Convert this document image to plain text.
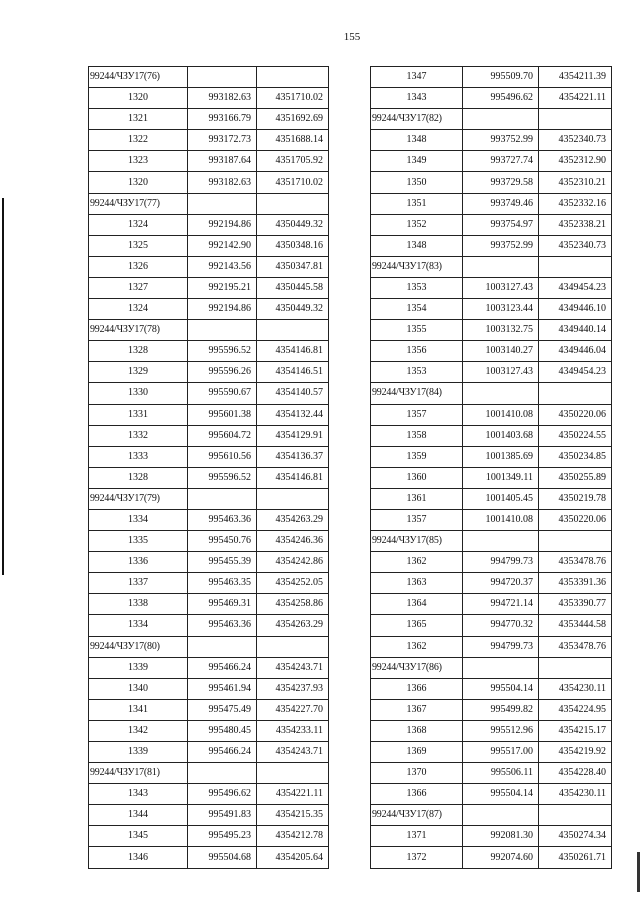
155
99244/ЧЗУ17(76)		
1320	993182.63	4351710.02
1321	993166.79	4351692.69
1322	993172.73	4351688.14
1323	993187.64	4351705.92
1320	993182.63	4351710.02
99244/ЧЗУ17(77)		
1324	992194.86	4350449.32
1325	992142.90	4350348.16
1326	992143.56	4350347.81
1327	992195.21	4350445.58
1324	992194.86	4350449.32
99244/ЧЗУ17(78)		
1328	995596.52	4354146.81
1329	995596.26	4354146.51
1330	995590.67	4354140.57
1331	995601.38	4354132.44
1332	995604.72	4354129.91
1333	995610.56	4354136.37
1328	995596.52	4354146.81
99244/ЧЗУ17(79)		
1334	995463.36	4354263.29
1335	995450.76	4354246.36
1336	995455.39	4354242.86
1337	995463.35	4354252.05
1338	995469.31	4354258.86
1334	995463.36	4354263.29
99244/ЧЗУ17(80)		
1339	995466.24	4354243.71
1340	995461.94	4354237.93
1341	995475.49	4354227.70
1342	995480.45	4354233.11
1339	995466.24	4354243.71
99244/ЧЗУ17(81)		
1343	995496.62	4354221.11
1344	995491.83	4354215.35
1345	995495.23	4354212.78
1346	995504.68	4354205.64
1347	995509.70	4354211.39
1343	995496.62	4354221.11
99244/ЧЗУ17(82)		
1348	993752.99	4352340.73
1349	993727.74	4352312.90
1350	993729.58	4352310.21
1351	993749.46	4352332.16
1352	993754.97	4352338.21
1348	993752.99	4352340.73
99244/ЧЗУ17(83)		
1353	1003127.43	4349454.23
1354	1003123.44	4349446.10
1355	1003132.75	4349440.14
1356	1003140.27	4349446.04
1353	1003127.43	4349454.23
99244/ЧЗУ17(84)		
1357	1001410.08	4350220.06
1358	1001403.68	4350224.55
1359	1001385.69	4350234.85
1360	1001349.11	4350255.89
1361	1001405.45	4350219.78
1357	1001410.08	4350220.06
99244/ЧЗУ17(85)		
1362	994799.73	4353478.76
1363	994720.37	4353391.36
1364	994721.14	4353390.77
1365	994770.32	4353444.58
1362	994799.73	4353478.76
99244/ЧЗУ17(86)		
1366	995504.14	4354230.11
1367	995499.82	4354224.95
1368	995512.96	4354215.17
1369	995517.00	4354219.92
1370	995506.11	4354228.40
1366	995504.14	4354230.11
99244/ЧЗУ17(87)		
1371	992081.30	4350274.34
1372	992074.60	4350261.71
